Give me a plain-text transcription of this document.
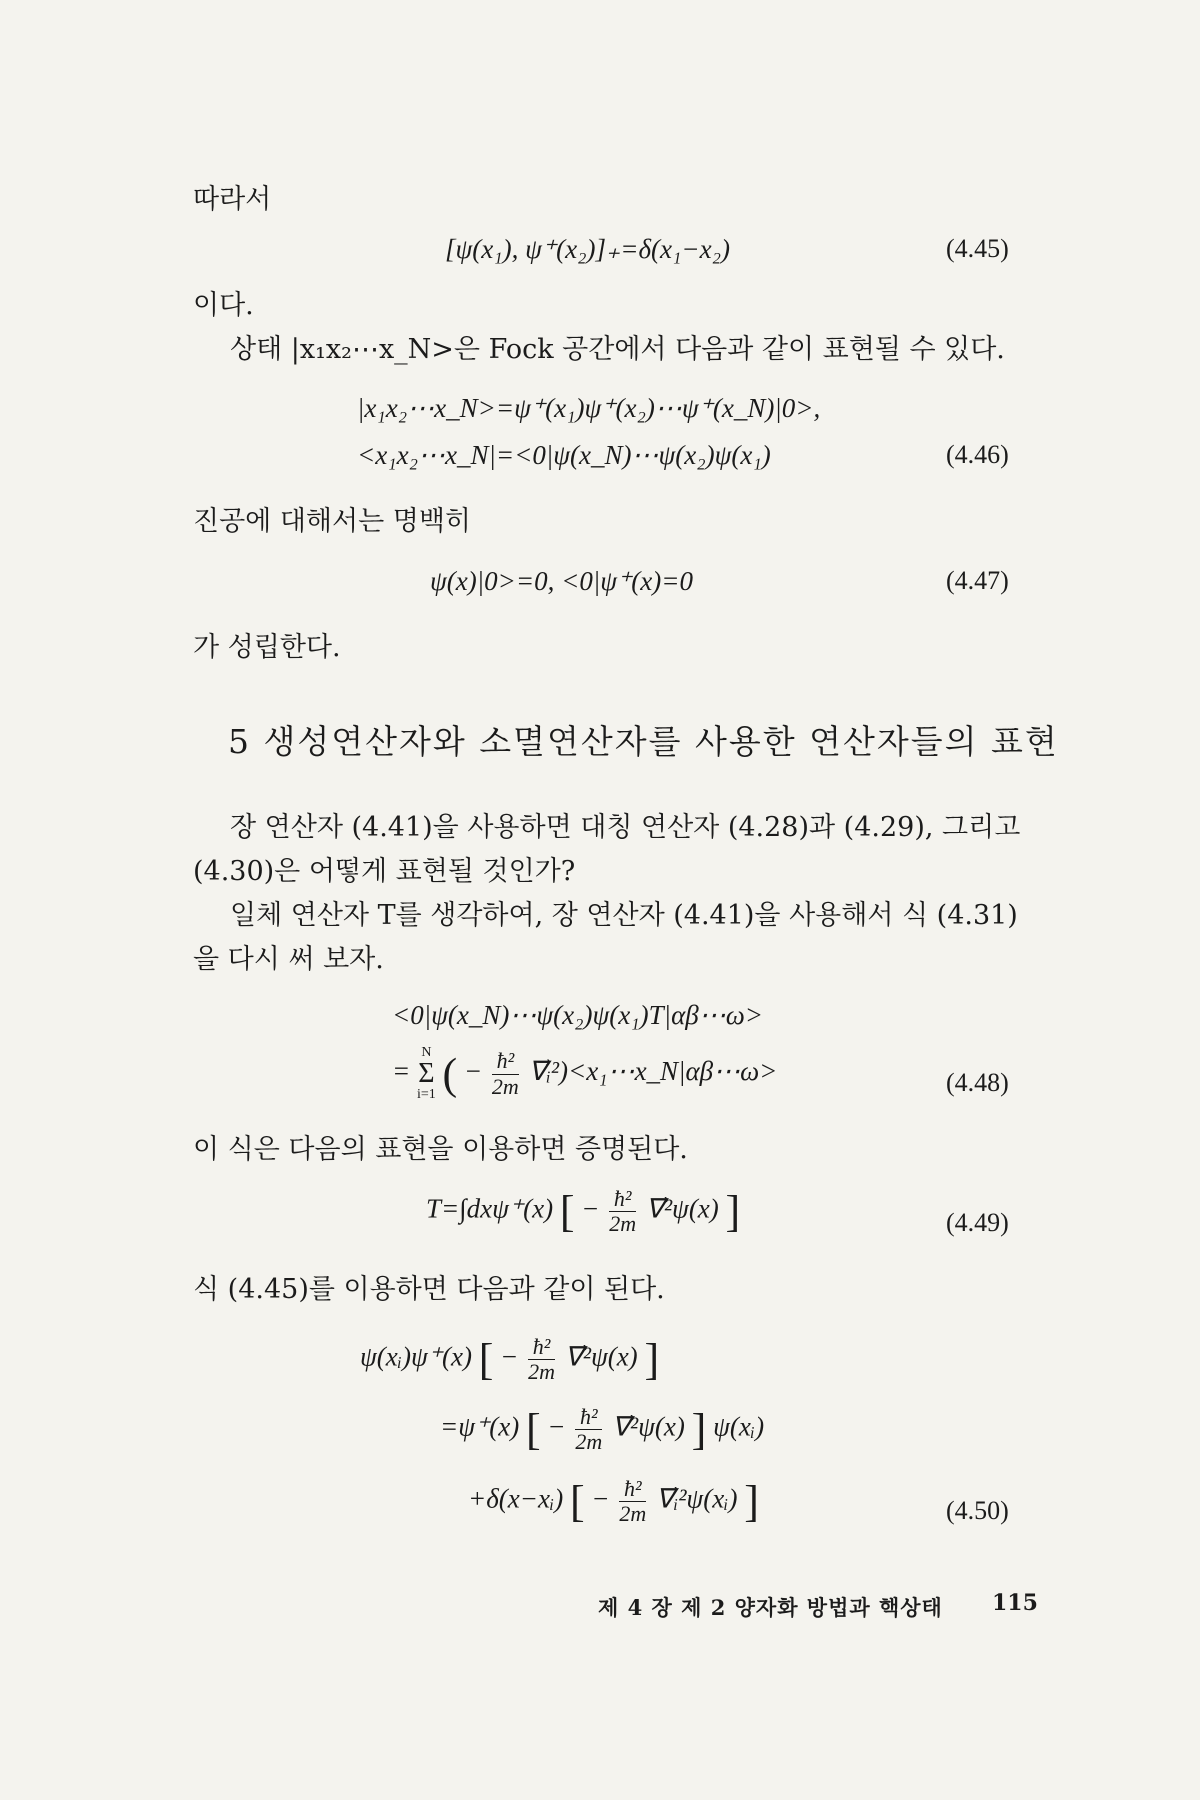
따라서
[ψ(x₁), ψ⁺(x₂)]₊=δ(x₁−x₂)	(4.45)
이다.
상태 |x₁x₂⋯x_N>은 Fock 공간에서 다음과 같이 표현될 수 있다.
|x₁x₂⋯x_N>=ψ⁺(x₁)ψ⁺(x₂)⋯ψ⁺(x_N)|0>,
<x₁x₂⋯x_N|=<0|ψ(x_N)⋯ψ(x₂)ψ(x₁)	(4.46)
진공에 대해서는 명백히
ψ(x)|0>=0, <0|ψ⁺(x)=0	(4.47)
가 성립한다.
5 생성연산자와 소멸연산자를 사용한 연산자들의 표현
장 연산자 (4.41)을 사용하면 대칭 연산자 (4.28)과 (4.29), 그리고
(4.30)은 어떻게 표현될 것인가?
일체 연산자 T를 생각하여, 장 연산자 (4.41)을 사용해서 식 (4.31)
을 다시 써 보자.
<0|ψ(x_N)⋯ψ(x₂)ψ(x₁)T|αβ⋯ω>
=
N
Σ
i=1 ( − $\frac{\text{ħ²}}{2m}$ ∇⃗ᵢ²)<x₁⋯x_N|αβ⋯ω>	(4.48)
이 식은 다음의 표현을 이용하면 증명된다.
T=∫dxψ⁺(x) [ − $\frac{\text{ħ²}}{2m}$ ∇⃗²ψ(x) ]	(4.49)
식 (4.45)를 이용하면 다음과 같이 된다.
ψ(xᵢ)ψ⁺(x) [ − $\frac{\text{ħ²}}{2m}$ ∇⃗²ψ(x) ]
=ψ⁺(x) [ − $\frac{\text{ħ²}}{2m}$ ∇⃗²ψ(x) ] ψ(xᵢ)
+δ(x−xᵢ) [ − $\frac{\text{ħ²}}{2m}$ ∇⃗ᵢ²ψ(xᵢ) ]	(4.50)
제 4 장 제 2 양자화 방법과 핵상태 115
